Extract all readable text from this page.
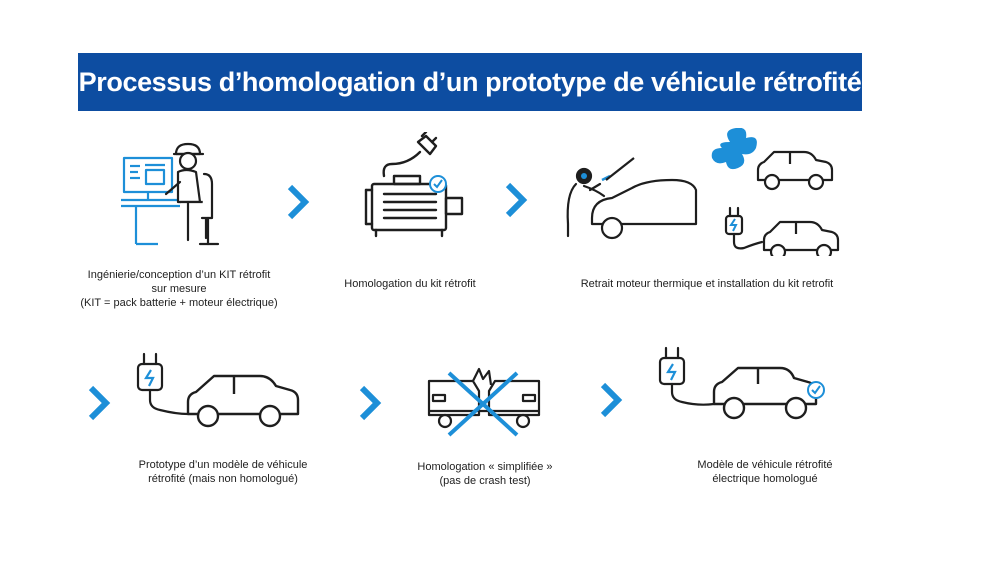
Processus d’homologation d’un prototype de véhicule rétrofité
Ingénierie/conception d’un KIT rétrofit
sur mesure
(KIT = pack batterie + moteur électrique)
Homologation du kit rétrofit	Retrait moteur thermique et installation du kit retrofit
Prototype d’un modèle de véhicule
rétrofité (mais non homologué)
Homologation « simplifiée »
(pas de crash test)
Modèle de véhicule rétrofité
électrique homologué
